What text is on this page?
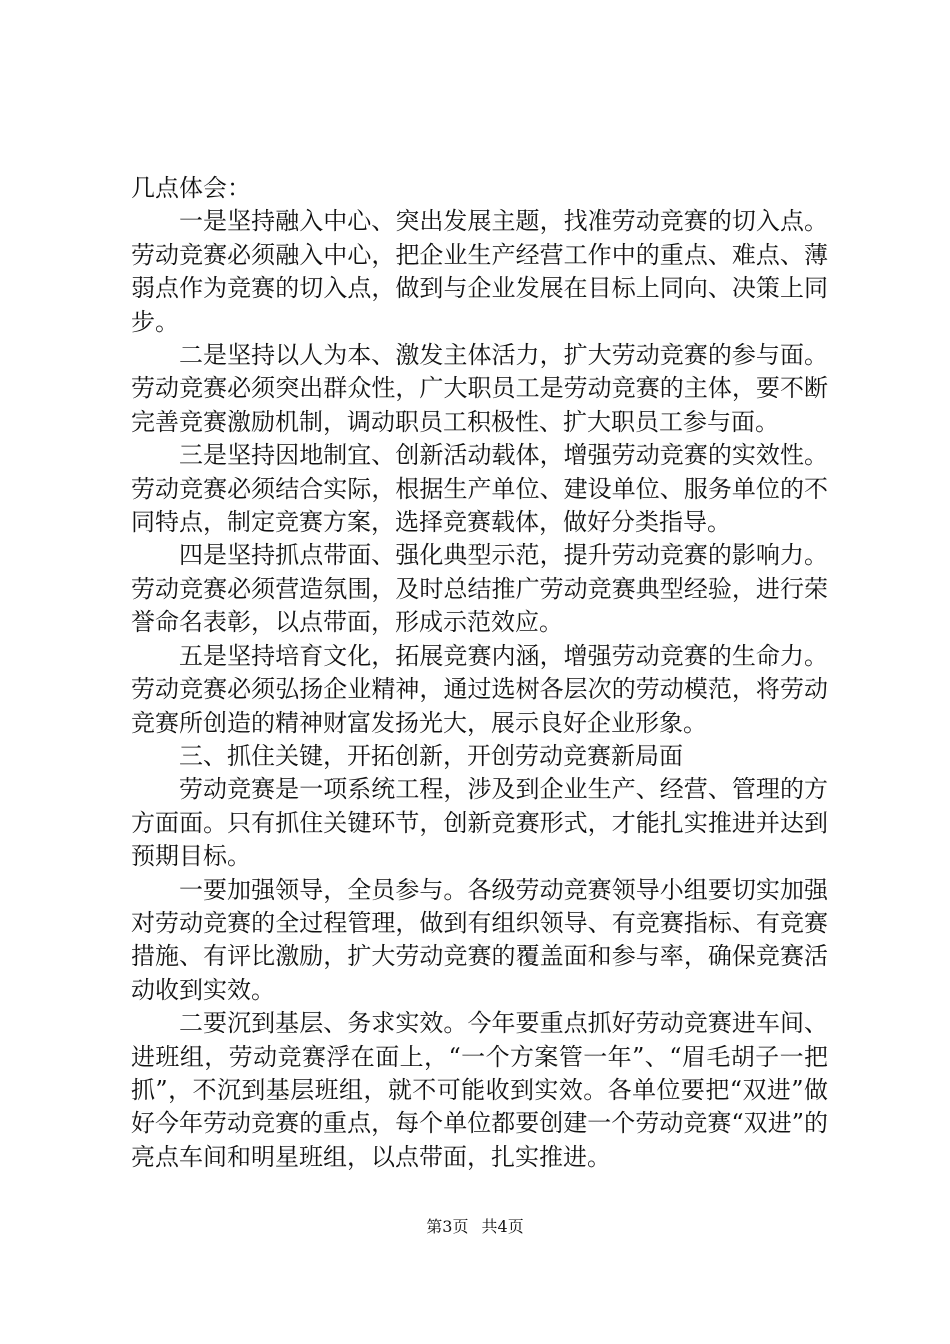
几点体会：

一是坚持融入中心、突出发展主题，找准劳动竞赛的切入点。劳动竞赛必须融入中心，把企业生产经营工作中的重点、难点、薄弱点作为竞赛的切入点，做到与企业发展在目标上同向、决策上同步。

二是坚持以人为本、激发主体活力，扩大劳动竞赛的参与面。劳动竞赛必须突出群众性，广大职员工是劳动竞赛的主体，要不断完善竞赛激励机制，调动职员工积极性、扩大职员工参与面。

三是坚持因地制宜、创新活动载体，增强劳动竞赛的实效性。劳动竞赛必须结合实际，根据生产单位、建设单位、服务单位的不同特点，制定竞赛方案，选择竞赛载体，做好分类指导。

四是坚持抓点带面、强化典型示范，提升劳动竞赛的影响力。劳动竞赛必须营造氛围，及时总结推广劳动竞赛典型经验，进行荣誉命名表彰，以点带面，形成示范效应。

五是坚持培育文化，拓展竞赛内涵，增强劳动竞赛的生命力。劳动竞赛必须弘扬企业精神，通过选树各层次的劳动模范，将劳动竞赛所创造的精神财富发扬光大，展示良好企业形象。

三、抓住关键，开拓创新，开创劳动竞赛新局面

劳动竞赛是一项系统工程，涉及到企业生产、经营、管理的方方面面。只有抓住关键环节，创新竞赛形式，才能扎实推进并达到预期目标。

一要加强领导，全员参与。各级劳动竞赛领导小组要切实加强对劳动竞赛的全过程管理，做到有组织领导、有竞赛指标、有竞赛措施、有评比激励，扩大劳动竞赛的覆盖面和参与率，确保竞赛活动收到实效。

二要沉到基层、务求实效。今年要重点抓好劳动竞赛进车间、进班组，劳动竞赛浮在面上，“一个方案管一年”、“眉毛胡子一把抓”，不沉到基层班组，就不可能收到实效。各单位要把“双进”做好今年劳动竞赛的重点，每个单位都要创建一个劳动竞赛“双进”的亮点车间和明星班组，以点带面，扎实推进。

第3页 共4页
